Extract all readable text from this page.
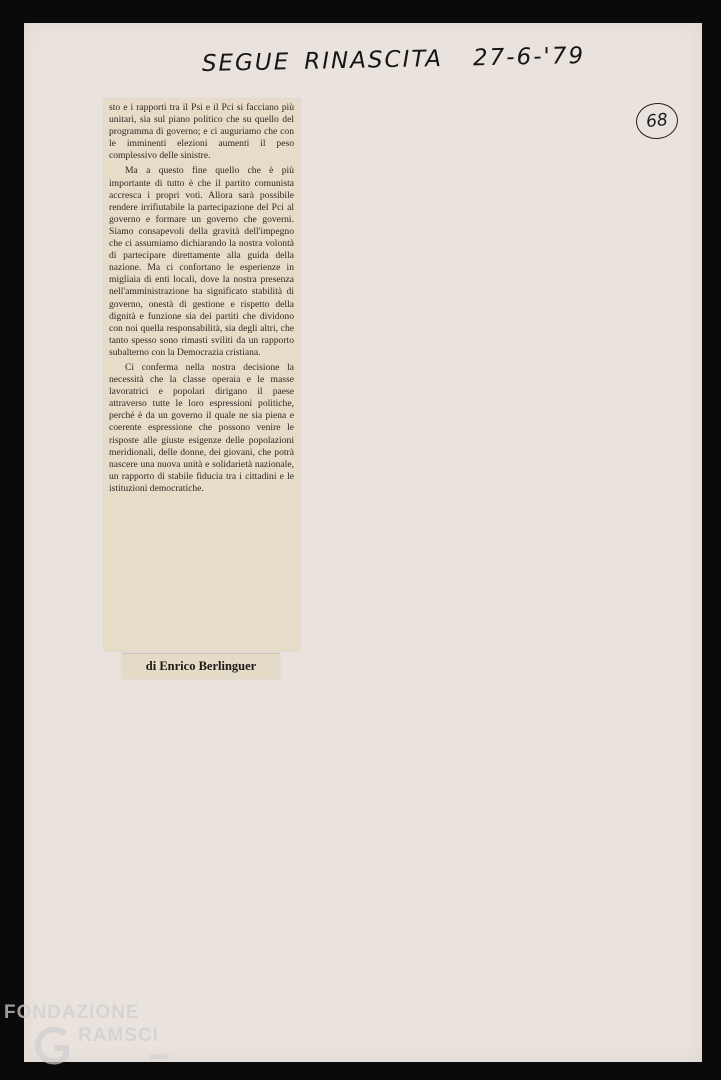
SEGUE RINASCITA 27-6-'79
68

sto e i rapporti tra il Psi e il Pci si facciano più unitari, sia sul piano politico che su quello del programma di governo; e ci auguriamo che con le imminenti elezioni aumenti il peso complessivo delle sinistre.

Ma a questo fine quello che è più importante di tutto è che il partito comunista accresca i propri voti. Allora sarà possibile rendere irrifiutabile la partecipazione del Pci al governo e formare un governo che governi. Siamo consapevoli della gravità dell'impegno che ci assumiamo dichiarando la nostra volontà di partecipare direttamente alla guida della nazione. Ma ci confortano le esperienze in migliaia di enti locali, dove la nostra presenza nell'amministrazione ha significato stabilità di governo, onestà di gestione e rispetto della dignità e funzione sia dei partiti che dividono con noi quella responsabilità, sia degli altri, che tanto spesso sono rimasti sviliti da un rapporto subalterno con la Democrazia cristiana.

Ci conferma nella nostra decisione la necessità che la classe operaia e le masse lavoratrici e popolari dirigano il paese attraverso tutte le loro espressioni politiche, perché è da un governo il quale ne sia piena e coerente espressione che possono venire le risposte alle giuste esigenze delle popolazioni meridionali, delle donne, dei giovani, che potrà nascere una nuova unità e solidarietà nazionale, un rapporto di stabile fiducia tra i cittadini e le istituzioni democratiche.

di Enrico Berlinguer
FONDAZIONE
RAMSCI
onlus
